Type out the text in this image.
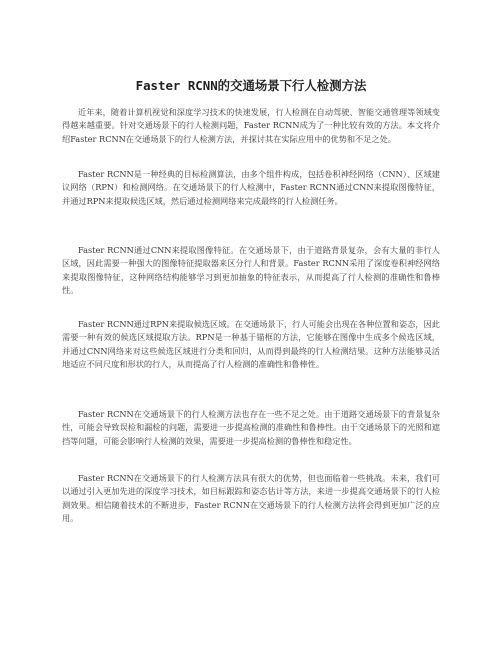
Faster RCNN的交通场景下行人检测方法

近年来，随着计算机视觉和深度学习技术的快速发展，行人检测在自动驾驶、智能交通管理等领域变得越来越重要。针对交通场景下的行人检测问题，Faster RCNN成为了一种比较有效的方法。本文将介绍Faster RCNN在交通场景下的行人检测方法，并探讨其在实际应用中的优势和不足之处。

Faster RCNN是一种经典的目标检测算法，由多个组件构成，包括卷积神经网络（CNN）、区域建议网络（RPN）和检测网络。在交通场景下的行人检测中，Faster RCNN通过CNN来提取图像特征，并通过RPN来提取候选区域，然后通过检测网络来完成最终的行人检测任务。

Faster RCNN通过CNN来提取图像特征。在交通场景下，由于道路背景复杂，会有大量的非行人区域，因此需要一种强大的图像特征提取器来区分行人和背景。Faster RCNN采用了深度卷积神经网络来提取图像特征，这种网络结构能够学习到更加抽象的特征表示，从而提高了行人检测的准确性和鲁棒性。

Faster RCNN通过RPN来提取候选区域。在交通场景下，行人可能会出现在各种位置和姿态，因此需要一种有效的候选区域提取方法。RPN是一种基于锚框的方法，它能够在图像中生成多个候选区域，并通过CNN网络来对这些候选区域进行分类和回归，从而得到最终的行人检测结果。这种方法能够灵活地适应不同尺度和形状的行人，从而提高了行人检测的准确性和鲁棒性。

Faster RCNN在交通场景下的行人检测方法也存在一些不足之处。由于道路交通场景下的背景复杂性，可能会导致误检和漏检的问题，需要进一步提高检测的准确性和鲁棒性。由于交通场景下的光照和遮挡等问题，可能会影响行人检测的效果，需要进一步提高检测的鲁棒性和稳定性。

Faster RCNN在交通场景下的行人检测方法具有很大的优势，但也面临着一些挑战。未来，我们可以通过引入更加先进的深度学习技术，如目标跟踪和姿态估计等方法，来进一步提高交通场景下的行人检测效果。相信随着技术的不断进步，Faster RCNN在交通场景下的行人检测方法将会得到更加广泛的应用。
